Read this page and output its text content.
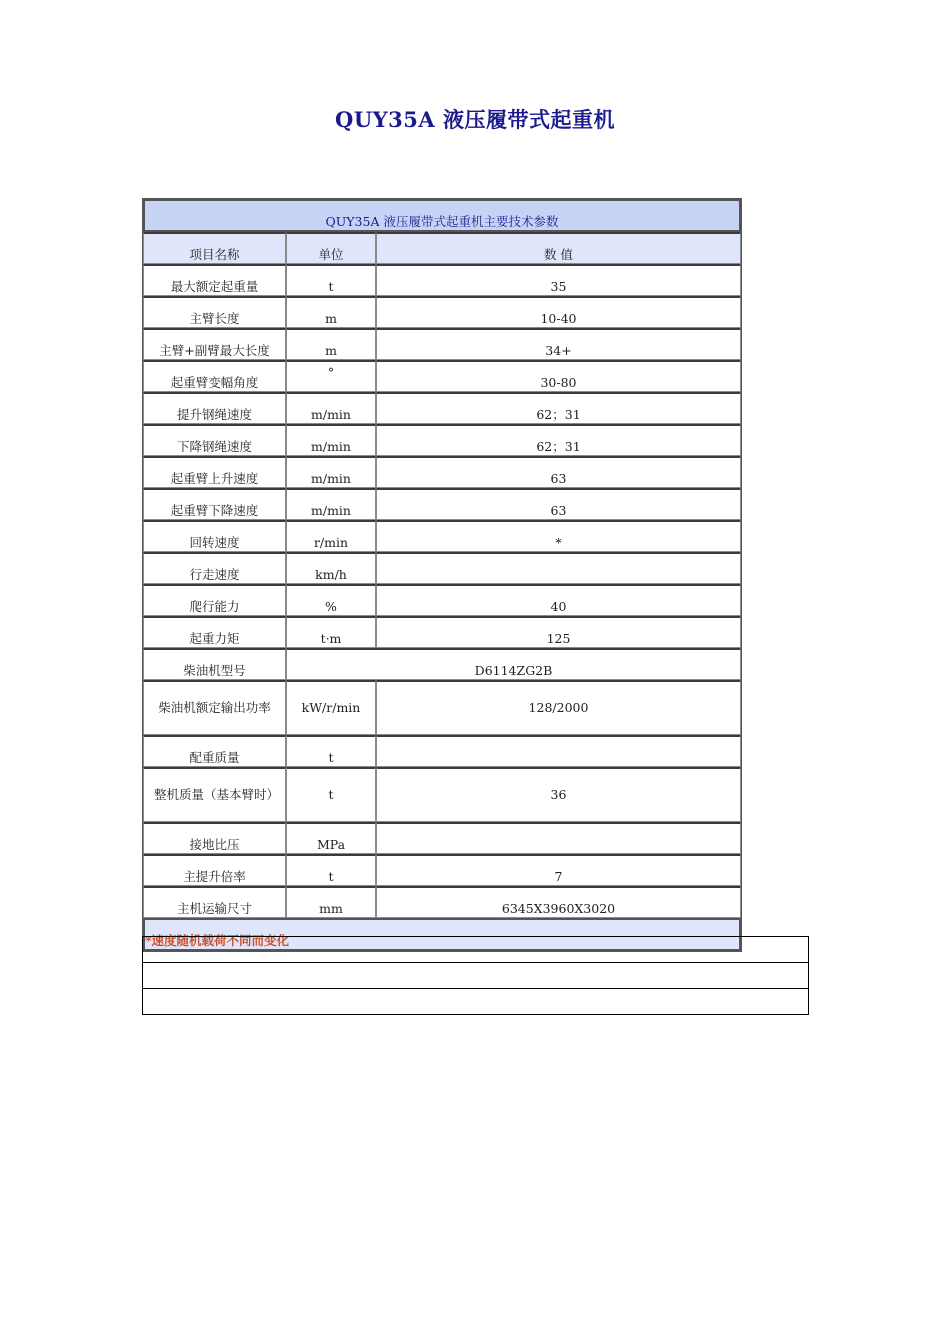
QUY35A 液压履带式起重机
QUY35A 液压履带式起重机主要技术参数		
项目名称	单位	数 值
最大额定起重量	t	35
主臂长度	m	10-40
主臂+副臂最大长度	m	34+
起重臂变幅角度	°	30-80
提升钢绳速度	m/min	62；31
下降钢绳速度	m/min	62；31
起重臂上升速度	m/min	63
起重臂下降速度	m/min	63
回转速度	r/min	*
行走速度	km/h	
爬行能力	%	40
起重力矩	t·m	125
柴油机型号	D6114ZG2B	
柴油机额定输出功率	kW/r/min	128/2000
配重质量	t	
整机质量（基本臂时）	t	36
接地比压	MPa	
主提升倍率	t	7
主机运输尺寸	mm	6345X3960X3020
*速度随机载荷不同而变化		
